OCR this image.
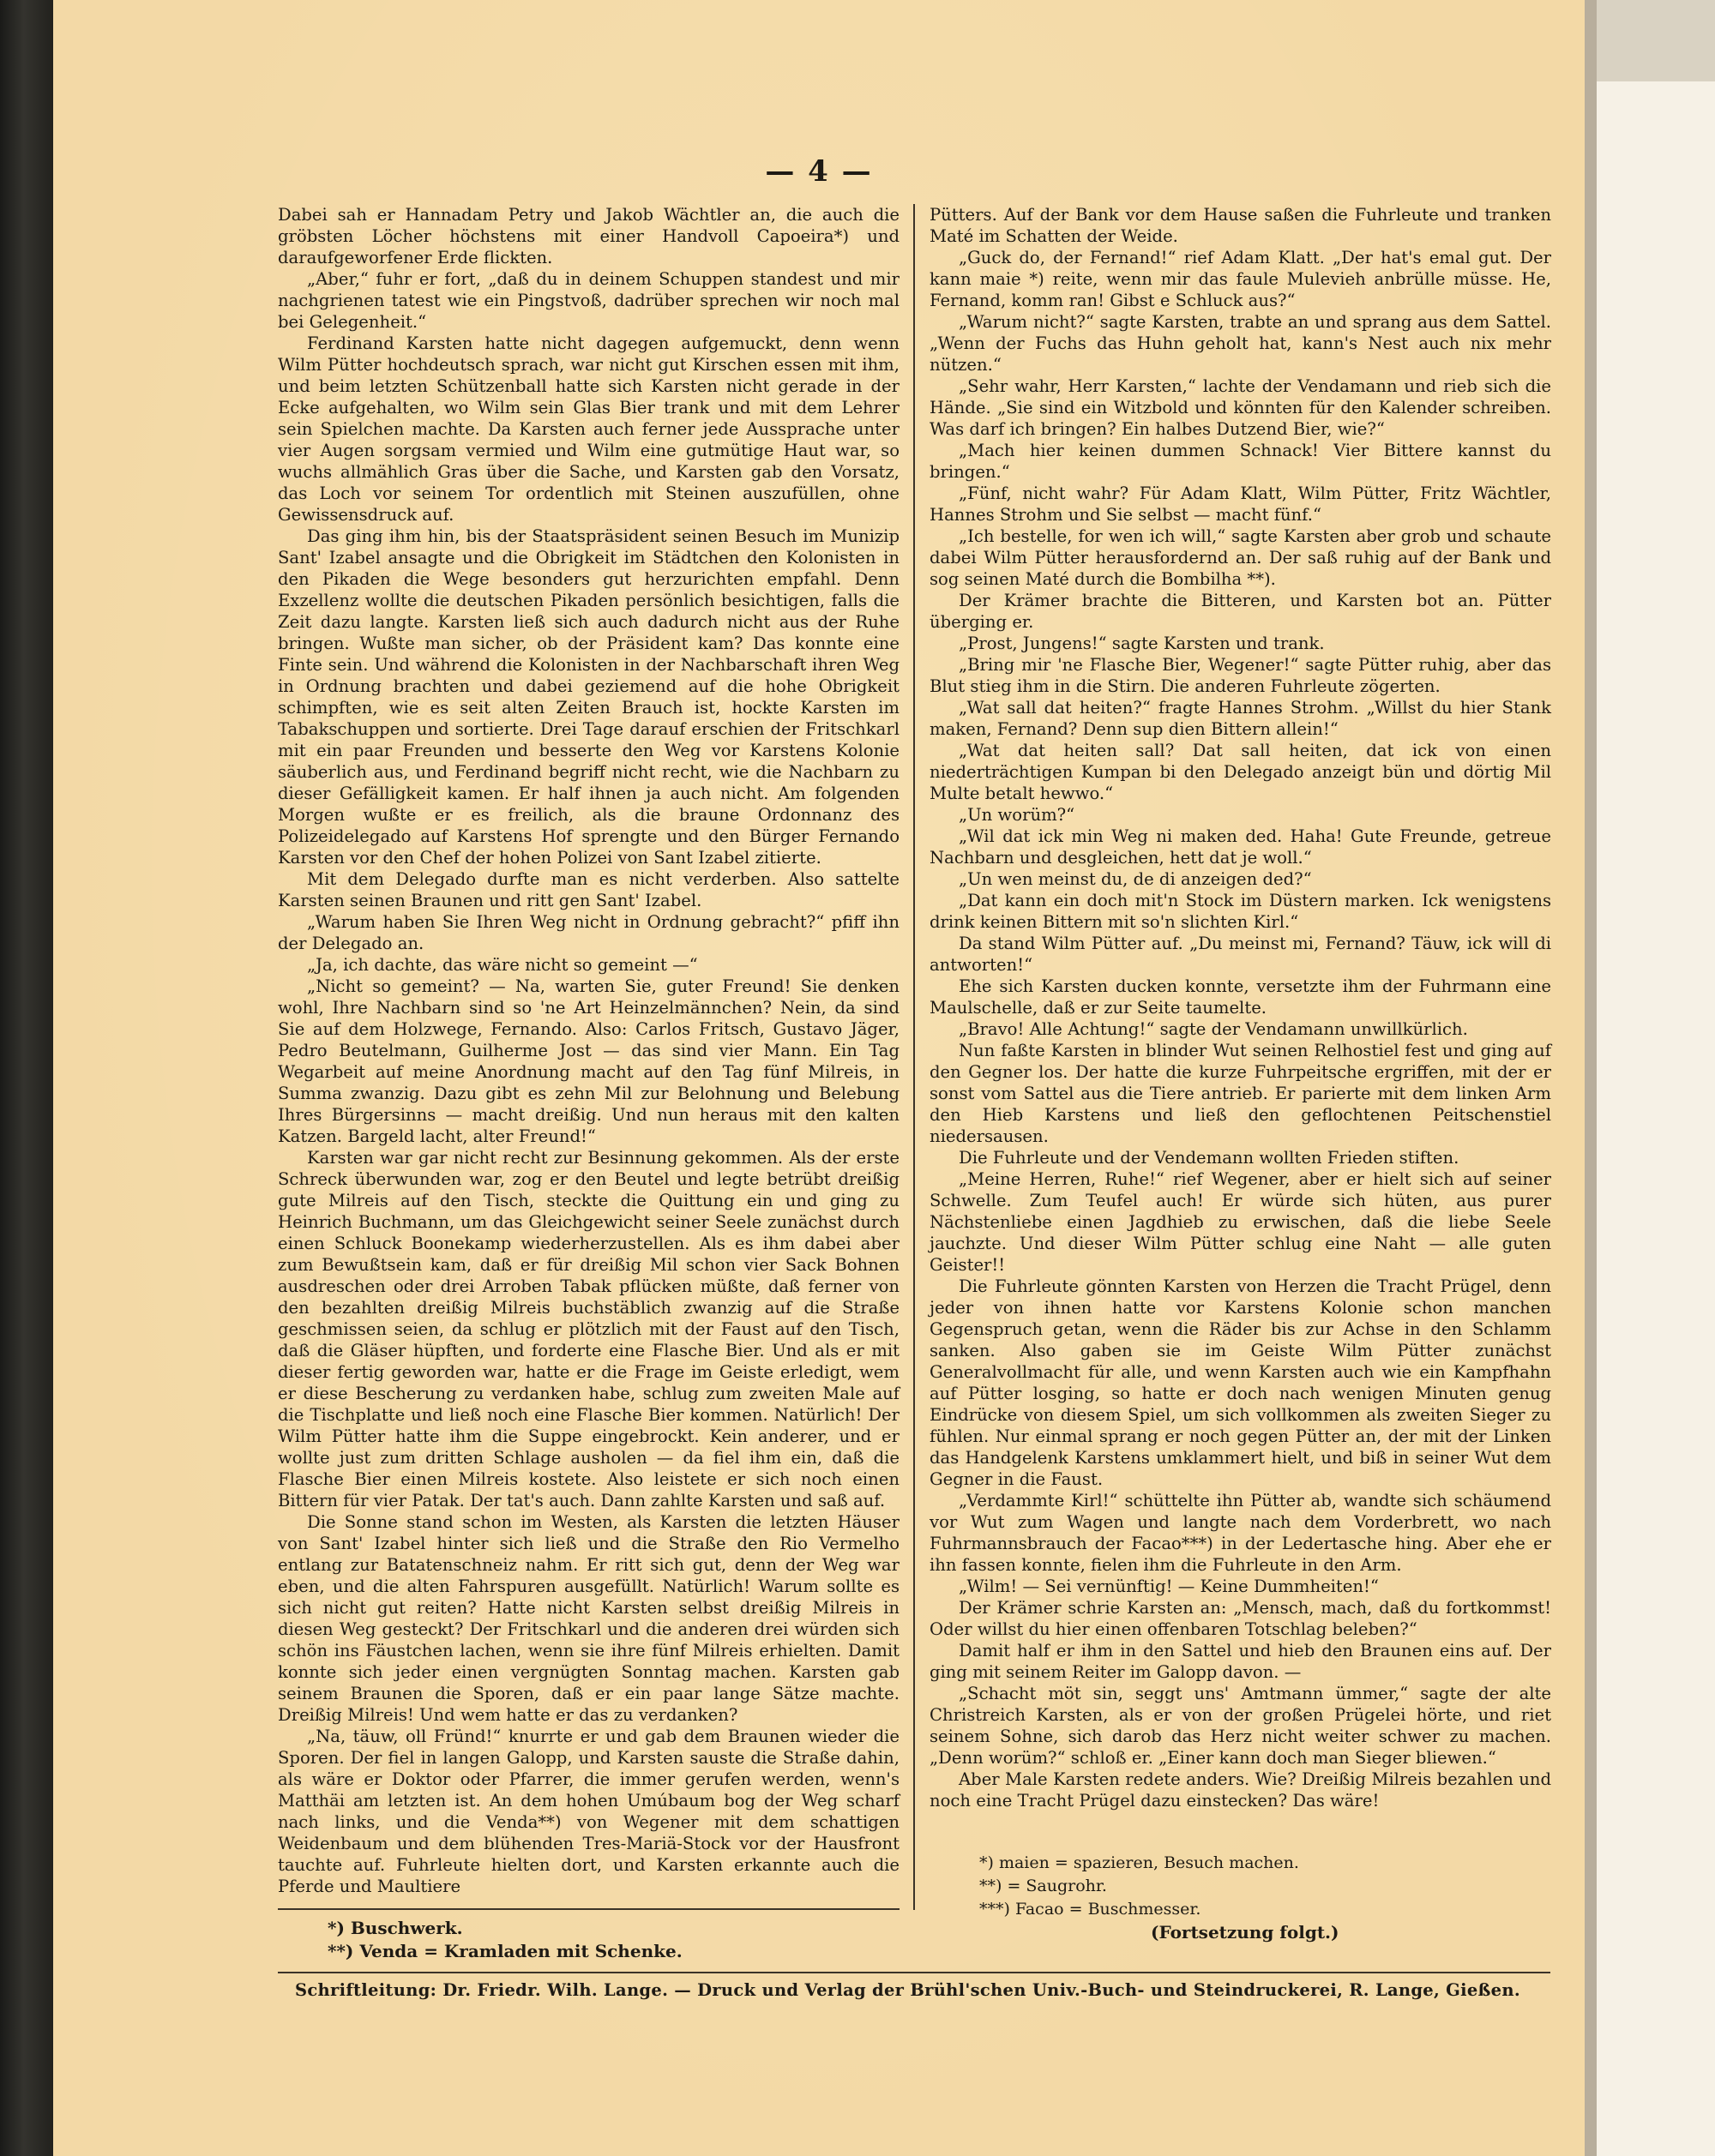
— 4 —

Dabei sah er Hannadam Petry und Jakob Wächtler an, die auch die gröbsten Löcher höchstens mit einer Handvoll Capoeira*) und daraufgeworfener Erde flickten.

„Aber,“ fuhr er fort, „daß du in deinem Schuppen standest und mir nachgrienen tatest wie ein Pingstvoß, dadrüber sprechen wir noch mal bei Gelegenheit.“

Ferdinand Karsten hatte nicht dagegen aufgemuckt, denn wenn Wilm Pütter hochdeutsch sprach, war nicht gut Kirschen essen mit ihm, und beim letzten Schützenball hatte sich Karsten nicht gerade in der Ecke aufgehalten, wo Wilm sein Glas Bier trank und mit dem Lehrer sein Spielchen machte. Da Karsten auch ferner jede Aussprache unter vier Augen sorgsam vermied und Wilm eine gutmütige Haut war, so wuchs allmählich Gras über die Sache, und Karsten gab den Vorsatz, das Loch vor seinem Tor ordentlich mit Steinen auszufüllen, ohne Gewissensdruck auf.

Das ging ihm hin, bis der Staatspräsident seinen Besuch im Munizip Sant' Izabel ansagte und die Obrigkeit im Städtchen den Kolonisten in den Pikaden die Wege besonders gut herzurichten empfahl. Denn Exzellenz wollte die deutschen Pikaden persönlich besichtigen, falls die Zeit dazu langte. Karsten ließ sich auch dadurch nicht aus der Ruhe bringen. Wußte man sicher, ob der Präsident kam? Das konnte eine Finte sein. Und während die Kolonisten in der Nachbarschaft ihren Weg in Ordnung brachten und dabei geziemend auf die hohe Obrigkeit schimpften, wie es seit alten Zeiten Brauch ist, hockte Karsten im Tabakschuppen und sortierte. Drei Tage darauf erschien der Fritschkarl mit ein paar Freunden und besserte den Weg vor Karstens Kolonie säuberlich aus, und Ferdinand begriff nicht recht, wie die Nachbarn zu dieser Gefälligkeit kamen. Er half ihnen ja auch nicht. Am folgenden Morgen wußte er es freilich, als die braune Ordonnanz des Polizeidelegado auf Karstens Hof sprengte und den Bürger Fernando Karsten vor den Chef der hohen Polizei von Sant Izabel zitierte.

Mit dem Delegado durfte man es nicht verderben. Also sattelte Karsten seinen Braunen und ritt gen Sant' Izabel.

„Warum haben Sie Ihren Weg nicht in Ordnung gebracht?“ pfiff ihn der Delegado an.

„Ja, ich dachte, das wäre nicht so gemeint —“

„Nicht so gemeint? — Na, warten Sie, guter Freund! Sie denken wohl, Ihre Nachbarn sind so 'ne Art Heinzelmännchen? Nein, da sind Sie auf dem Holzwege, Fernando. Also: Carlos Fritsch, Gustavo Jäger, Pedro Beutelmann, Guilherme Jost — das sind vier Mann. Ein Tag Wegarbeit auf meine Anordnung macht auf den Tag fünf Milreis, in Summa zwanzig. Dazu gibt es zehn Mil zur Belohnung und Belebung Ihres Bürgersinns — macht dreißig. Und nun heraus mit den kalten Katzen. Bargeld lacht, alter Freund!“

Karsten war gar nicht recht zur Besinnung gekommen. Als der erste Schreck überwunden war, zog er den Beutel und legte betrübt dreißig gute Milreis auf den Tisch, steckte die Quittung ein und ging zu Heinrich Buchmann, um das Gleichgewicht seiner Seele zunächst durch einen Schluck Boonekamp wiederherzustellen. Als es ihm dabei aber zum Bewußtsein kam, daß er für dreißig Mil schon vier Sack Bohnen ausdreschen oder drei Arroben Tabak pflücken müßte, daß ferner von den bezahlten dreißig Milreis buchstäblich zwanzig auf die Straße geschmissen seien, da schlug er plötzlich mit der Faust auf den Tisch, daß die Gläser hüpften, und forderte eine Flasche Bier. Und als er mit dieser fertig geworden war, hatte er die Frage im Geiste erledigt, wem er diese Bescherung zu verdanken habe, schlug zum zweiten Male auf die Tischplatte und ließ noch eine Flasche Bier kommen. Natürlich! Der Wilm Pütter hatte ihm die Suppe eingebrockt. Kein anderer, und er wollte just zum dritten Schlage ausholen — da fiel ihm ein, daß die Flasche Bier einen Milreis kostete. Also leistete er sich noch einen Bittern für vier Patak. Der tat's auch. Dann zahlte Karsten und saß auf.

Die Sonne stand schon im Westen, als Karsten die letzten Häuser von Sant' Izabel hinter sich ließ und die Straße den Rio Vermelho entlang zur Batatenschneiz nahm. Er ritt sich gut, denn der Weg war eben, und die alten Fahrspuren ausgefüllt. Natürlich! Warum sollte es sich nicht gut reiten? Hatte nicht Karsten selbst dreißig Milreis in diesen Weg gesteckt? Der Fritschkarl und die anderen drei würden sich schön ins Fäustchen lachen, wenn sie ihre fünf Milreis erhielten. Damit konnte sich jeder einen vergnügten Sonntag machen. Karsten gab seinem Braunen die Sporen, daß er ein paar lange Sätze machte. Dreißig Milreis! Und wem hatte er das zu verdanken?

„Na, täuw, oll Fründ!“ knurrte er und gab dem Braunen wieder die Sporen. Der fiel in langen Galopp, und Karsten sauste die Straße dahin, als wäre er Doktor oder Pfarrer, die immer gerufen werden, wenn's Matthäi am letzten ist. An dem hohen Umúbaum bog der Weg scharf nach links, und die Venda**) von Wegener mit dem schattigen Weidenbaum und dem blühenden Tres-Mariä-Stock vor der Hausfront tauchte auf. Fuhrleute hielten dort, und Karsten erkannte auch die Pferde und Maultiere

Pütters. Auf der Bank vor dem Hause saßen die Fuhrleute und tranken Maté im Schatten der Weide.

„Guck do, der Fernand!“ rief Adam Klatt. „Der hat's emal gut. Der kann maie *) reite, wenn mir das faule Mulevieh anbrülle müsse. He, Fernand, komm ran! Gibst e Schluck aus?“

„Warum nicht?“ sagte Karsten, trabte an und sprang aus dem Sattel. „Wenn der Fuchs das Huhn geholt hat, kann's Nest auch nix mehr nützen.“

„Sehr wahr, Herr Karsten,“ lachte der Vendamann und rieb sich die Hände. „Sie sind ein Witzbold und könnten für den Kalender schreiben. Was darf ich bringen? Ein halbes Dutzend Bier, wie?“

„Mach hier keinen dummen Schnack! Vier Bittere kannst du bringen.“

„Fünf, nicht wahr? Für Adam Klatt, Wilm Pütter, Fritz Wächtler, Hannes Strohm und Sie selbst — macht fünf.“

„Ich bestelle, for wen ich will,“ sagte Karsten aber grob und schaute dabei Wilm Pütter herausfordernd an. Der saß ruhig auf der Bank und sog seinen Maté durch die Bombilha **).

Der Krämer brachte die Bitteren, und Karsten bot an. Pütter überging er.

„Prost, Jungens!“ sagte Karsten und trank.

„Bring mir 'ne Flasche Bier, Wegener!“ sagte Pütter ruhig, aber das Blut stieg ihm in die Stirn. Die anderen Fuhrleute zögerten.

„Wat sall dat heiten?“ fragte Hannes Strohm. „Willst du hier Stank maken, Fernand? Denn sup dien Bittern allein!“

„Wat dat heiten sall? Dat sall heiten, dat ick von einen niederträchtigen Kumpan bi den Delegado anzeigt bün und dörtig Mil Multe betalt hewwo.“

„Un worüm?“

„Wil dat ick min Weg ni maken ded. Haha! Gute Freunde, getreue Nachbarn und desgleichen, hett dat je woll.“

„Un wen meinst du, de di anzeigen ded?“

„Dat kann ein doch mit'n Stock im Düstern marken. Ick wenigstens drink keinen Bittern mit so'n slichten Kirl.“

Da stand Wilm Pütter auf. „Du meinst mi, Fernand? Täuw, ick will di antworten!“

Ehe sich Karsten ducken konnte, versetzte ihm der Fuhrmann eine Maulschelle, daß er zur Seite taumelte.

„Bravo! Alle Achtung!“ sagte der Vendamann unwillkürlich.

Nun faßte Karsten in blinder Wut seinen Relhostiel fest und ging auf den Gegner los. Der hatte die kurze Fuhrpeitsche ergriffen, mit der er sonst vom Sattel aus die Tiere antrieb. Er parierte mit dem linken Arm den Hieb Karstens und ließ den geflochtenen Peitschenstiel niedersausen.

Die Fuhrleute und der Vendemann wollten Frieden stiften.

„Meine Herren, Ruhe!“ rief Wegener, aber er hielt sich auf seiner Schwelle. Zum Teufel auch! Er würde sich hüten, aus purer Nächstenliebe einen Jagdhieb zu erwischen, daß die liebe Seele jauchzte. Und dieser Wilm Pütter schlug eine Naht — alle guten Geister!!

Die Fuhrleute gönnten Karsten von Herzen die Tracht Prügel, denn jeder von ihnen hatte vor Karstens Kolonie schon manchen Gegenspruch getan, wenn die Räder bis zur Achse in den Schlamm sanken. Also gaben sie im Geiste Wilm Pütter zunächst Generalvollmacht für alle, und wenn Karsten auch wie ein Kampfhahn auf Pütter losging, so hatte er doch nach wenigen Minuten genug Eindrücke von diesem Spiel, um sich vollkommen als zweiten Sieger zu fühlen. Nur einmal sprang er noch gegen Pütter an, der mit der Linken das Handgelenk Karstens umklammert hielt, und biß in seiner Wut dem Gegner in die Faust.

„Verdammte Kirl!“ schüttelte ihn Pütter ab, wandte sich schäumend vor Wut zum Wagen und langte nach dem Vorderbrett, wo nach Fuhrmannsbrauch der Facao***) in der Ledertasche hing. Aber ehe er ihn fassen konnte, fielen ihm die Fuhrleute in den Arm.

„Wilm! — Sei vernünftig! — Keine Dummheiten!“

Der Krämer schrie Karsten an: „Mensch, mach, daß du fortkommst! Oder willst du hier einen offenbaren Totschlag beleben?“

Damit half er ihm in den Sattel und hieb den Braunen eins auf. Der ging mit seinem Reiter im Galopp davon. —

„Schacht möt sin, seggt uns' Amtmann ümmer,“ sagte der alte Christreich Karsten, als er von der großen Prügelei hörte, und riet seinem Sohne, sich darob das Herz nicht weiter schwer zu machen. „Denn worüm?“ schloß er. „Einer kann doch man Sieger bliewen.“

Aber Male Karsten redete anders. Wie? Dreißig Milreis bezahlen und noch eine Tracht Prügel dazu einstecken? Das wäre!

*) Buschwerk.
**) Venda = Kramladen mit Schenke.
*) maien = spazieren, Besuch machen.
**) = Saugrohr.
***) Facao = Buschmesser.
(Fortsetzung folgt.)
Schriftleitung: Dr. Friedr. Wilh. Lange. — Druck und Verlag der Brühl'schen Univ.-Buch- und Steindruckerei, R. Lange, Gießen.
